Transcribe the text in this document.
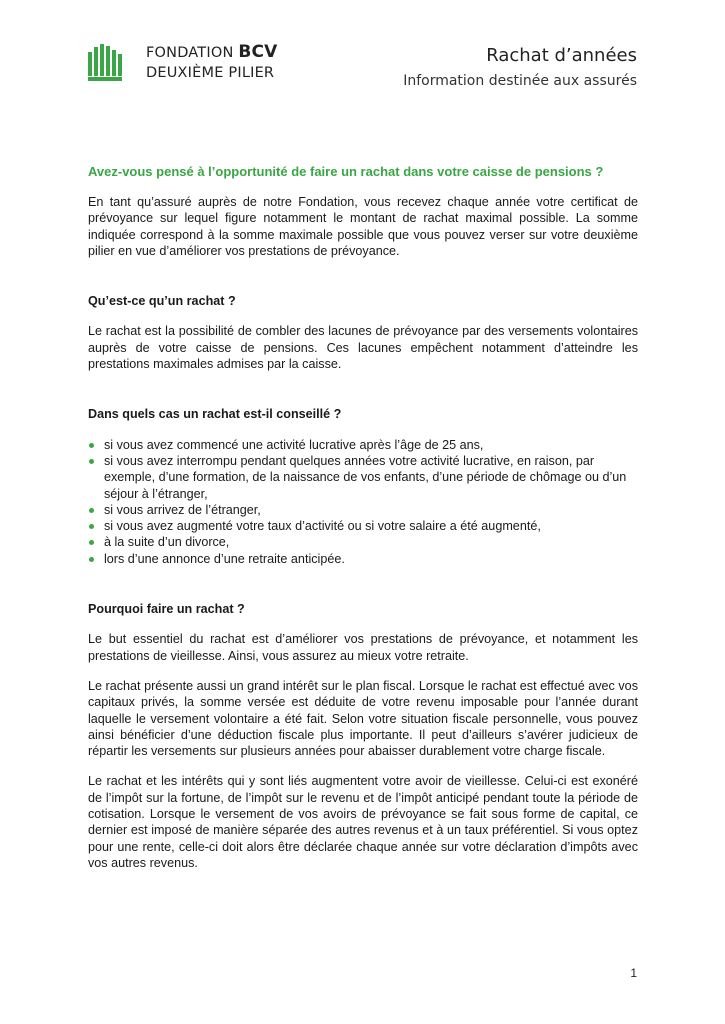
FONDATION BCV
DEUXIÈME PILIER
Rachat d’années
Information destinée aux assurés
Avez-vous pensé à l’opportunité de faire un rachat dans votre caisse de pensions ?

En tant qu’assuré auprès de notre Fondation, vous recevez chaque année votre certificat de prévoyance sur lequel figure notamment le montant de rachat maximal possible. La somme indiquée correspond à la somme maximale possible que vous pouvez verser sur votre deuxième pilier en vue d’améliorer vos prestations de prévoyance.

Qu’est-ce qu’un rachat ?

Le rachat est la possibilité de combler des lacunes de prévoyance par des versements volontaires auprès de votre caisse de pensions. Ces lacunes empêchent notamment d’atteindre les prestations maximales admises par la caisse.

Dans quels cas un rachat est-il conseillé ?
si vous avez commencé une activité lucrative après l’âge de 25 ans,
si vous avez interrompu pendant quelques années votre activité lucrative, en raison, par exemple, d’une formation, de la naissance de vos enfants, d’une période de chômage ou d’un séjour à l’étranger,
si vous arrivez de l’étranger,
si vous avez augmenté votre taux d’activité ou si votre salaire a été augmenté,
à la suite d’un divorce,
lors d’une annonce d’une retraite anticipée.
Pourquoi faire un rachat ?

Le but essentiel du rachat est d’améliorer vos prestations de prévoyance, et notamment les prestations de vieillesse. Ainsi, vous assurez au mieux votre retraite.

Le rachat présente aussi un grand intérêt sur le plan fiscal. Lorsque le rachat est effectué avec vos capitaux privés, la somme versée est déduite de votre revenu imposable pour l’année durant laquelle le versement volontaire a été fait. Selon votre situation fiscale personnelle, vous pouvez ainsi bénéficier d’une déduction fiscale plus importante. Il peut d’ailleurs s’avérer judicieux de répartir les versements sur plusieurs années pour abaisser durablement votre charge fiscale.

Le rachat et les intérêts qui y sont liés augmentent votre avoir de vieillesse. Celui-ci est exonéré de l’impôt sur la fortune, de l’impôt sur le revenu et de l’impôt anticipé pendant toute la période de cotisation. Lorsque le versement de vos avoirs de prévoyance se fait sous forme de capital, ce dernier est imposé de manière séparée des autres revenus et à un taux préférentiel. Si vous optez pour une rente, celle-ci doit alors être déclarée chaque année sur votre déclaration d’impôts avec vos autres revenus.

1
